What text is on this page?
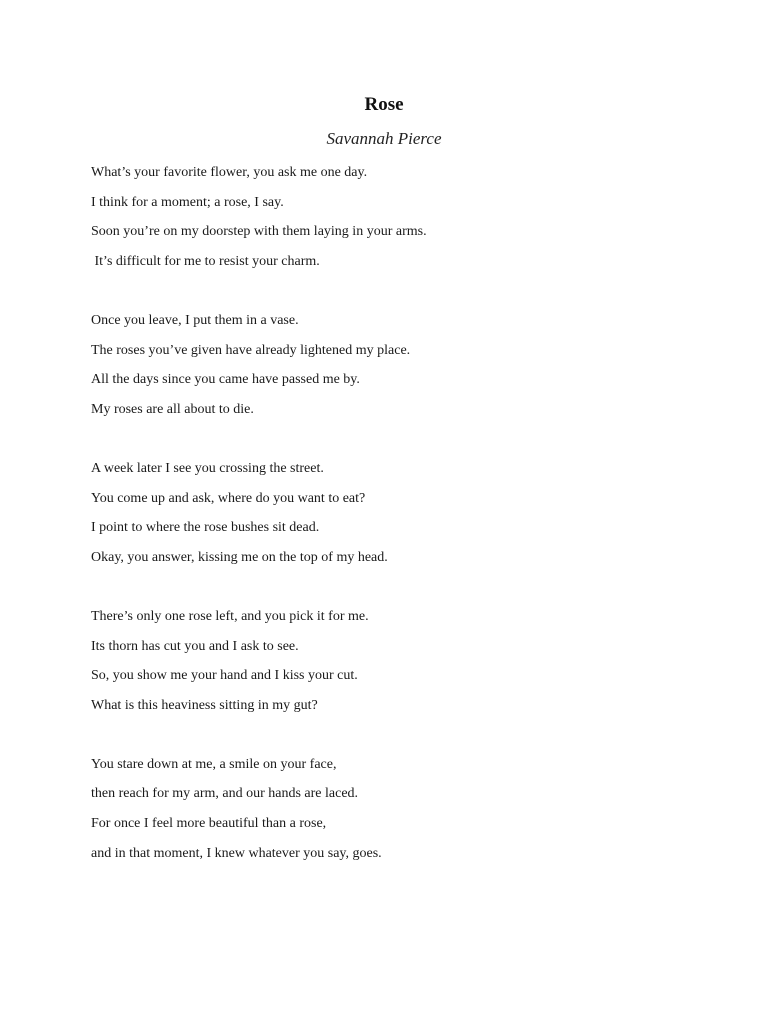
Rose
Savannah Pierce
What’s your favorite flower, you ask me one day.
I think for a moment; a rose, I say.
Soon you’re on my doorstep with them laying in your arms.
It’s difficult for me to resist your charm.
Once you leave, I put them in a vase.
The roses you’ve given have already lightened my place.
All the days since you came have passed me by.
My roses are all about to die.
A week later I see you crossing the street.
You come up and ask, where do you want to eat?
I point to where the rose bushes sit dead.
Okay, you answer, kissing me on the top of my head.
There’s only one rose left, and you pick it for me.
Its thorn has cut you and I ask to see.
So, you show me your hand and I kiss your cut.
What is this heaviness sitting in my gut?
You stare down at me, a smile on your face,
then reach for my arm, and our hands are laced.
For once I feel more beautiful than a rose,
and in that moment, I knew whatever you say, goes.
